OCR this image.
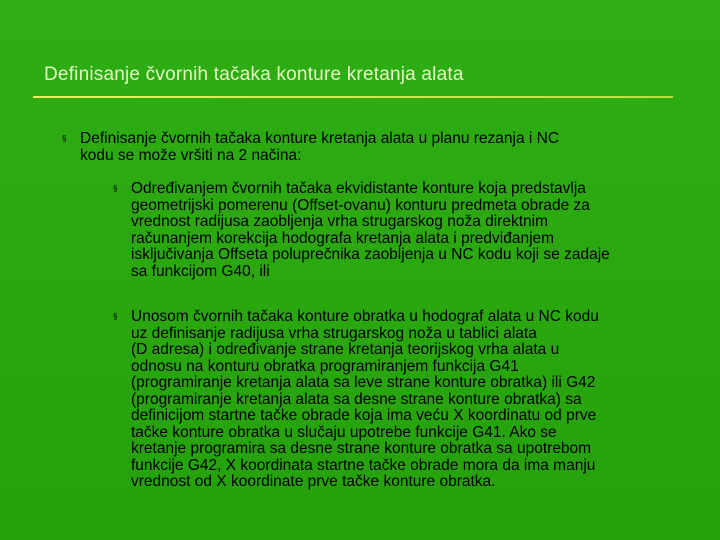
Definisanje čvornih tačaka konture kretanja alata
§ Definisanje čvornih tačaka konture kretanja alata u planu rezanja i NC
kodu se može vršiti na 2 načina:
§ Određivanjem čvornih tačaka ekvidistante konture koja predstavlja
geometrijski pomerenu (Offset-ovanu) konturu predmeta obrade za
vrednost radijusa zaobljenja vrha strugarskog noža direktnim
računanjem korekcija hodografa kretanja alata i predviđanjem
isključivanja Offseta poluprečnika zaobljenja u NC kodu koji se zadaje
sa funkcijom G40, ili
§ Unosom čvornih tačaka konture obratka u hodograf alata u NC kodu
uz definisanje radijusa vrha strugarskog noža u tablici alata
(D adresa) i određivanje strane kretanja teorijskog vrha alata u
odnosu na konturu obratka programiranjem funkcija G41
(programiranje kretanja alata sa leve strane konture obratka) ili G42
(programiranje kretanja alata sa desne strane konture obratka) sa
definicijom startne tačke obrade koja ima veću X koordinatu od prve
tačke konture obratka u slučaju upotrebe funkcije G41. Ako se
kretanje programira sa desne strane konture obratka sa upotrebom
funkcije G42, X koordinata startne tačke obrade mora da ima manju
vrednost od X koordinate prve tačke konture obratka.
